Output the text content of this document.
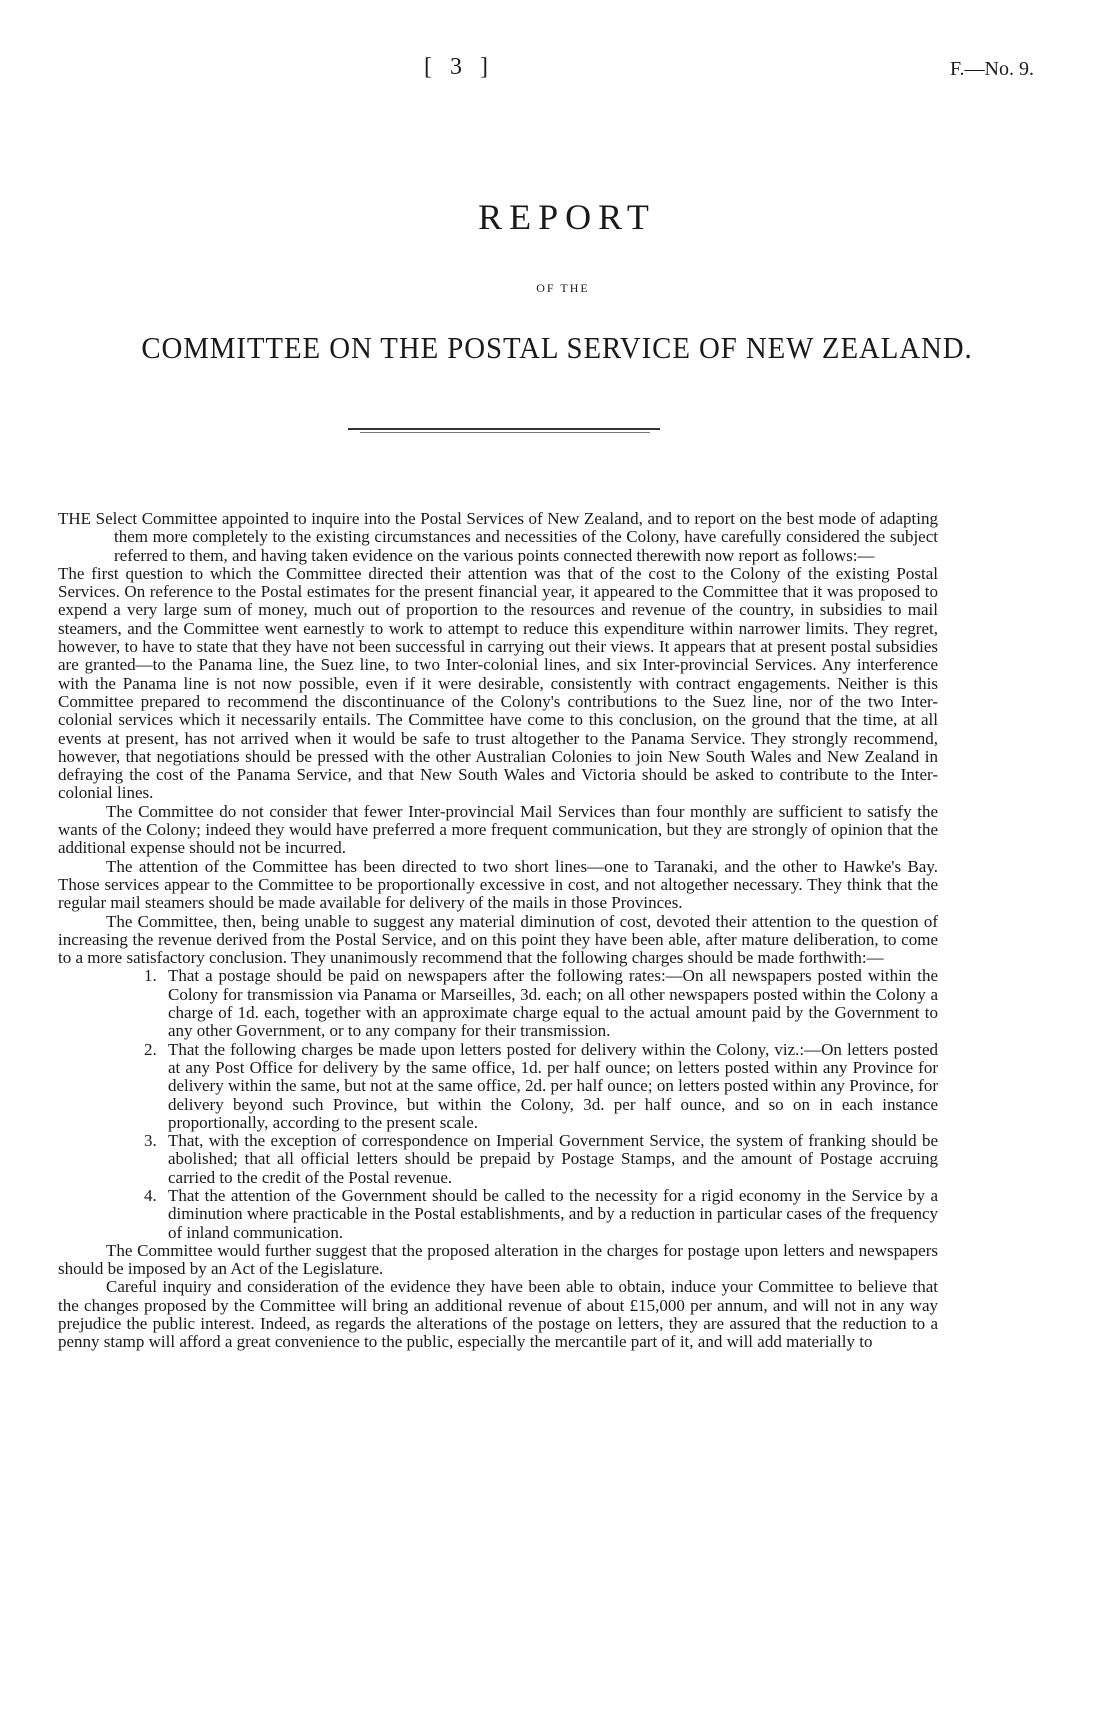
[ 3 ]	F.—No. 9.
REPORT
OF THE
COMMITTEE ON THE POSTAL SERVICE OF NEW ZEALAND.

THE Select Committee appointed to inquire into the Postal Services of New Zealand, and to report on the best mode of adapting them more completely to the existing circumstances and necessities of the Colony, have carefully considered the subject referred to them, and having taken evidence on the various points connected therewith now report as follows:—

The first question to which the Committee directed their attention was that of the cost to the Colony of the existing Postal Services. On reference to the Postal estimates for the present financial year, it appeared to the Committee that it was proposed to expend a very large sum of money, much out of proportion to the resources and revenue of the country, in subsidies to mail steamers, and the Committee went earnestly to work to attempt to reduce this expenditure within narrower limits. They regret, however, to have to state that they have not been successful in carrying out their views. It appears that at present postal subsidies are granted—to the Panama line, the Suez line, to two Inter-colonial lines, and six Inter-provincial Services. Any interference with the Panama line is not now possible, even if it were desirable, consistently with contract engagements. Neither is this Committee prepared to recommend the discontinuance of the Colony's contributions to the Suez line, nor of the two Inter-colonial services which it necessarily entails. The Committee have come to this conclusion, on the ground that the time, at all events at present, has not arrived when it would be safe to trust altogether to the Panama Service. They strongly recommend, however, that negotiations should be pressed with the other Australian Colonies to join New South Wales and New Zealand in defraying the cost of the Panama Service, and that New South Wales and Victoria should be asked to contribute to the Inter-colonial lines.

The Committee do not consider that fewer Inter-provincial Mail Services than four monthly are sufficient to satisfy the wants of the Colony; indeed they would have preferred a more frequent communication, but they are strongly of opinion that the additional expense should not be incurred.

The attention of the Committee has been directed to two short lines—one to Taranaki, and the other to Hawke's Bay. Those services appear to the Committee to be proportionally excessive in cost, and not altogether necessary. They think that the regular mail steamers should be made available for delivery of the mails in those Provinces.

The Committee, then, being unable to suggest any material diminution of cost, devoted their attention to the question of increasing the revenue derived from the Postal Service, and on this point they have been able, after mature deliberation, to come to a more satisfactory conclusion. They unanimously recommend that the following charges should be made forthwith:—

1. That a postage should be paid on newspapers after the following rates:—On all newspapers posted within the Colony for transmission via Panama or Marseilles, 3d. each; on all other newspapers posted within the Colony a charge of 1d. each, together with an approximate charge equal to the actual amount paid by the Government to any other Government, or to any company for their transmission.
2. That the following charges be made upon letters posted for delivery within the Colony, viz.:—On letters posted at any Post Office for delivery by the same office, 1d. per half ounce; on letters posted within any Province for delivery within the same, but not at the same office, 2d. per half ounce; on letters posted within any Province, for delivery beyond such Province, but within the Colony, 3d. per half ounce, and so on in each instance proportionally, according to the present scale.
3. That, with the exception of correspondence on Imperial Government Service, the system of franking should be abolished; that all official letters should be prepaid by Postage Stamps, and the amount of Postage accruing carried to the credit of the Postal revenue.
4. That the attention of the Government should be called to the necessity for a rigid economy in the Service by a diminution where practicable in the Postal establishments, and by a reduction in particular cases of the frequency of inland communication.

The Committee would further suggest that the proposed alteration in the charges for postage upon letters and newspapers should be imposed by an Act of the Legislature.

Careful inquiry and consideration of the evidence they have been able to obtain, induce your Committee to believe that the changes proposed by the Committee will bring an additional revenue of about £15,000 per annum, and will not in any way prejudice the public interest. Indeed, as regards the alterations of the postage on letters, they are assured that the reduction to a penny stamp will afford a great convenience to the public, especially the mercantile part of it, and will add materially to
